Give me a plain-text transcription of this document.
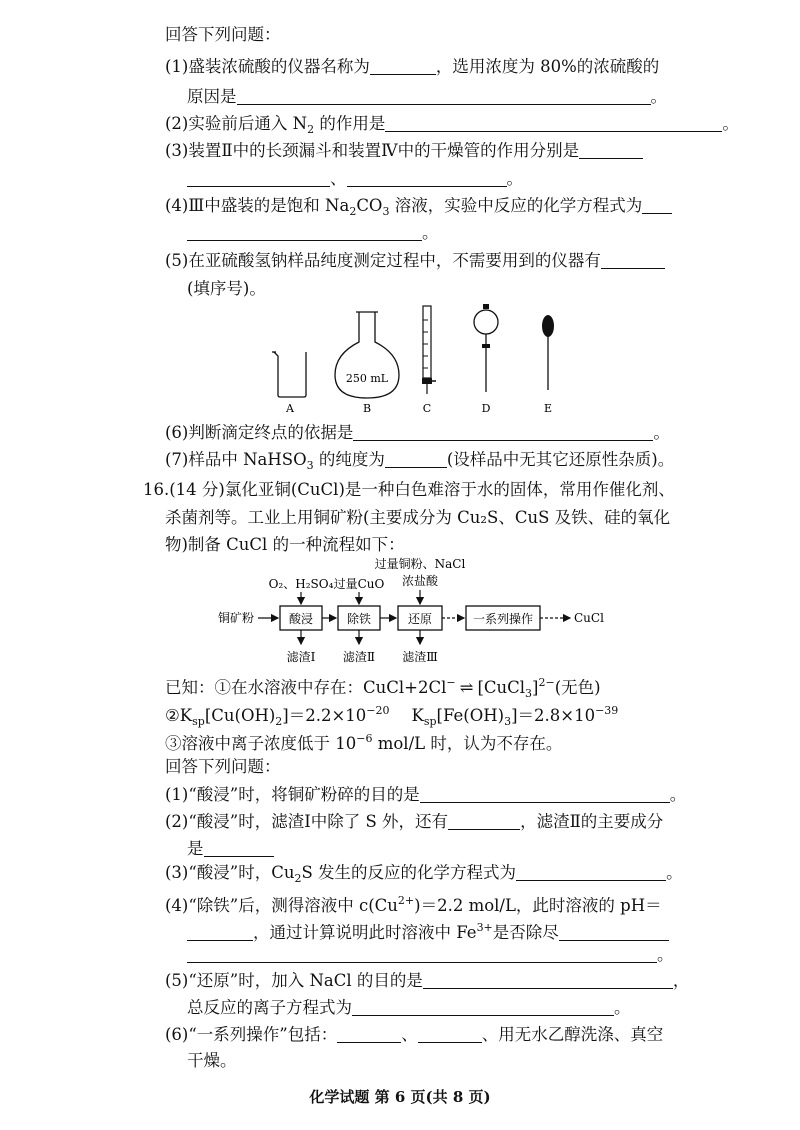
回答下列问题：
(1)盛装浓硫酸的仪器名称为	，选用浓度为 80%的浓硫酸的
原因是	。
(2)实验前后通入 $N_2$ 的作用是	。
(3)装置Ⅱ中的长颈漏斗和装置Ⅳ中的干燥管的作用分别是
、	。
(4)Ⅲ中盛装的是饱和 $Na_2CO_3$ 溶液，实验中反应的化学方程式为
。
(5)在亚硫酸氢钠样品纯度测定过程中，不需要用到的仪器有
(填序号)。
A
250 mL
B	C	D	E
(6)判断滴定终点的依据是	。
(7)样品中 NaHSO$_3$ 的纯度为	(设样品中无其它还原性杂质)。
16.(14 分)氯化亚铜(CuCl)是一种白色难溶于水的固体，常用作催化剂、
杀菌剂等。工业上用铜矿粉(主要成分为 Cu₂S、CuS 及铁、硅的氧化
物)制备 CuCl 的一种流程如下：
铜矿粉	酸浸	除铁	还原	一系列操作	CuCl
O₂、H₂SO₄ 过量CuO
过量铜粉、NaCl
浓盐酸
滤渣Ⅰ 滤渣Ⅱ 滤渣Ⅲ
已知：①在水溶液中存在：CuCl+2Cl− ⇌ [CuCl$_3$]$^{2-}$(无色)
$②K_{sp}[Cu(OH)_2]=2.2\times 10^{-20}$ $K_{sp}[Fe(OH)_3]=2.8\times 10^{-39}$
③溶液中离子浓度低于 $10^{-6}$ mol/L 时，认为不存在。
回答下列问题：
(1)“酸浸”时，将铜矿粉碎的目的是	。
(2)“酸浸”时，滤渣Ⅰ中除了 S 外，还有	，滤渣Ⅱ的主要成分
是
(3)“酸浸”时，$Cu_2S$ 发生的反应的化学方程式为	。
(4)“除铁”后，测得溶液中 $c(Cu^{2+})=2.2$ mol/L，此时溶液的 pH＝
，通过计算说明此时溶液中 $Fe^{3+}$是否除尽
。
(5)“还原”时，加入 NaCl 的目的是	，
总反应的离子方程式为	。
(6)“一系列操作”包括：	、	、用无水乙醇洗涤、真空
干燥。
化学试题 第 6 页(共 8 页)
